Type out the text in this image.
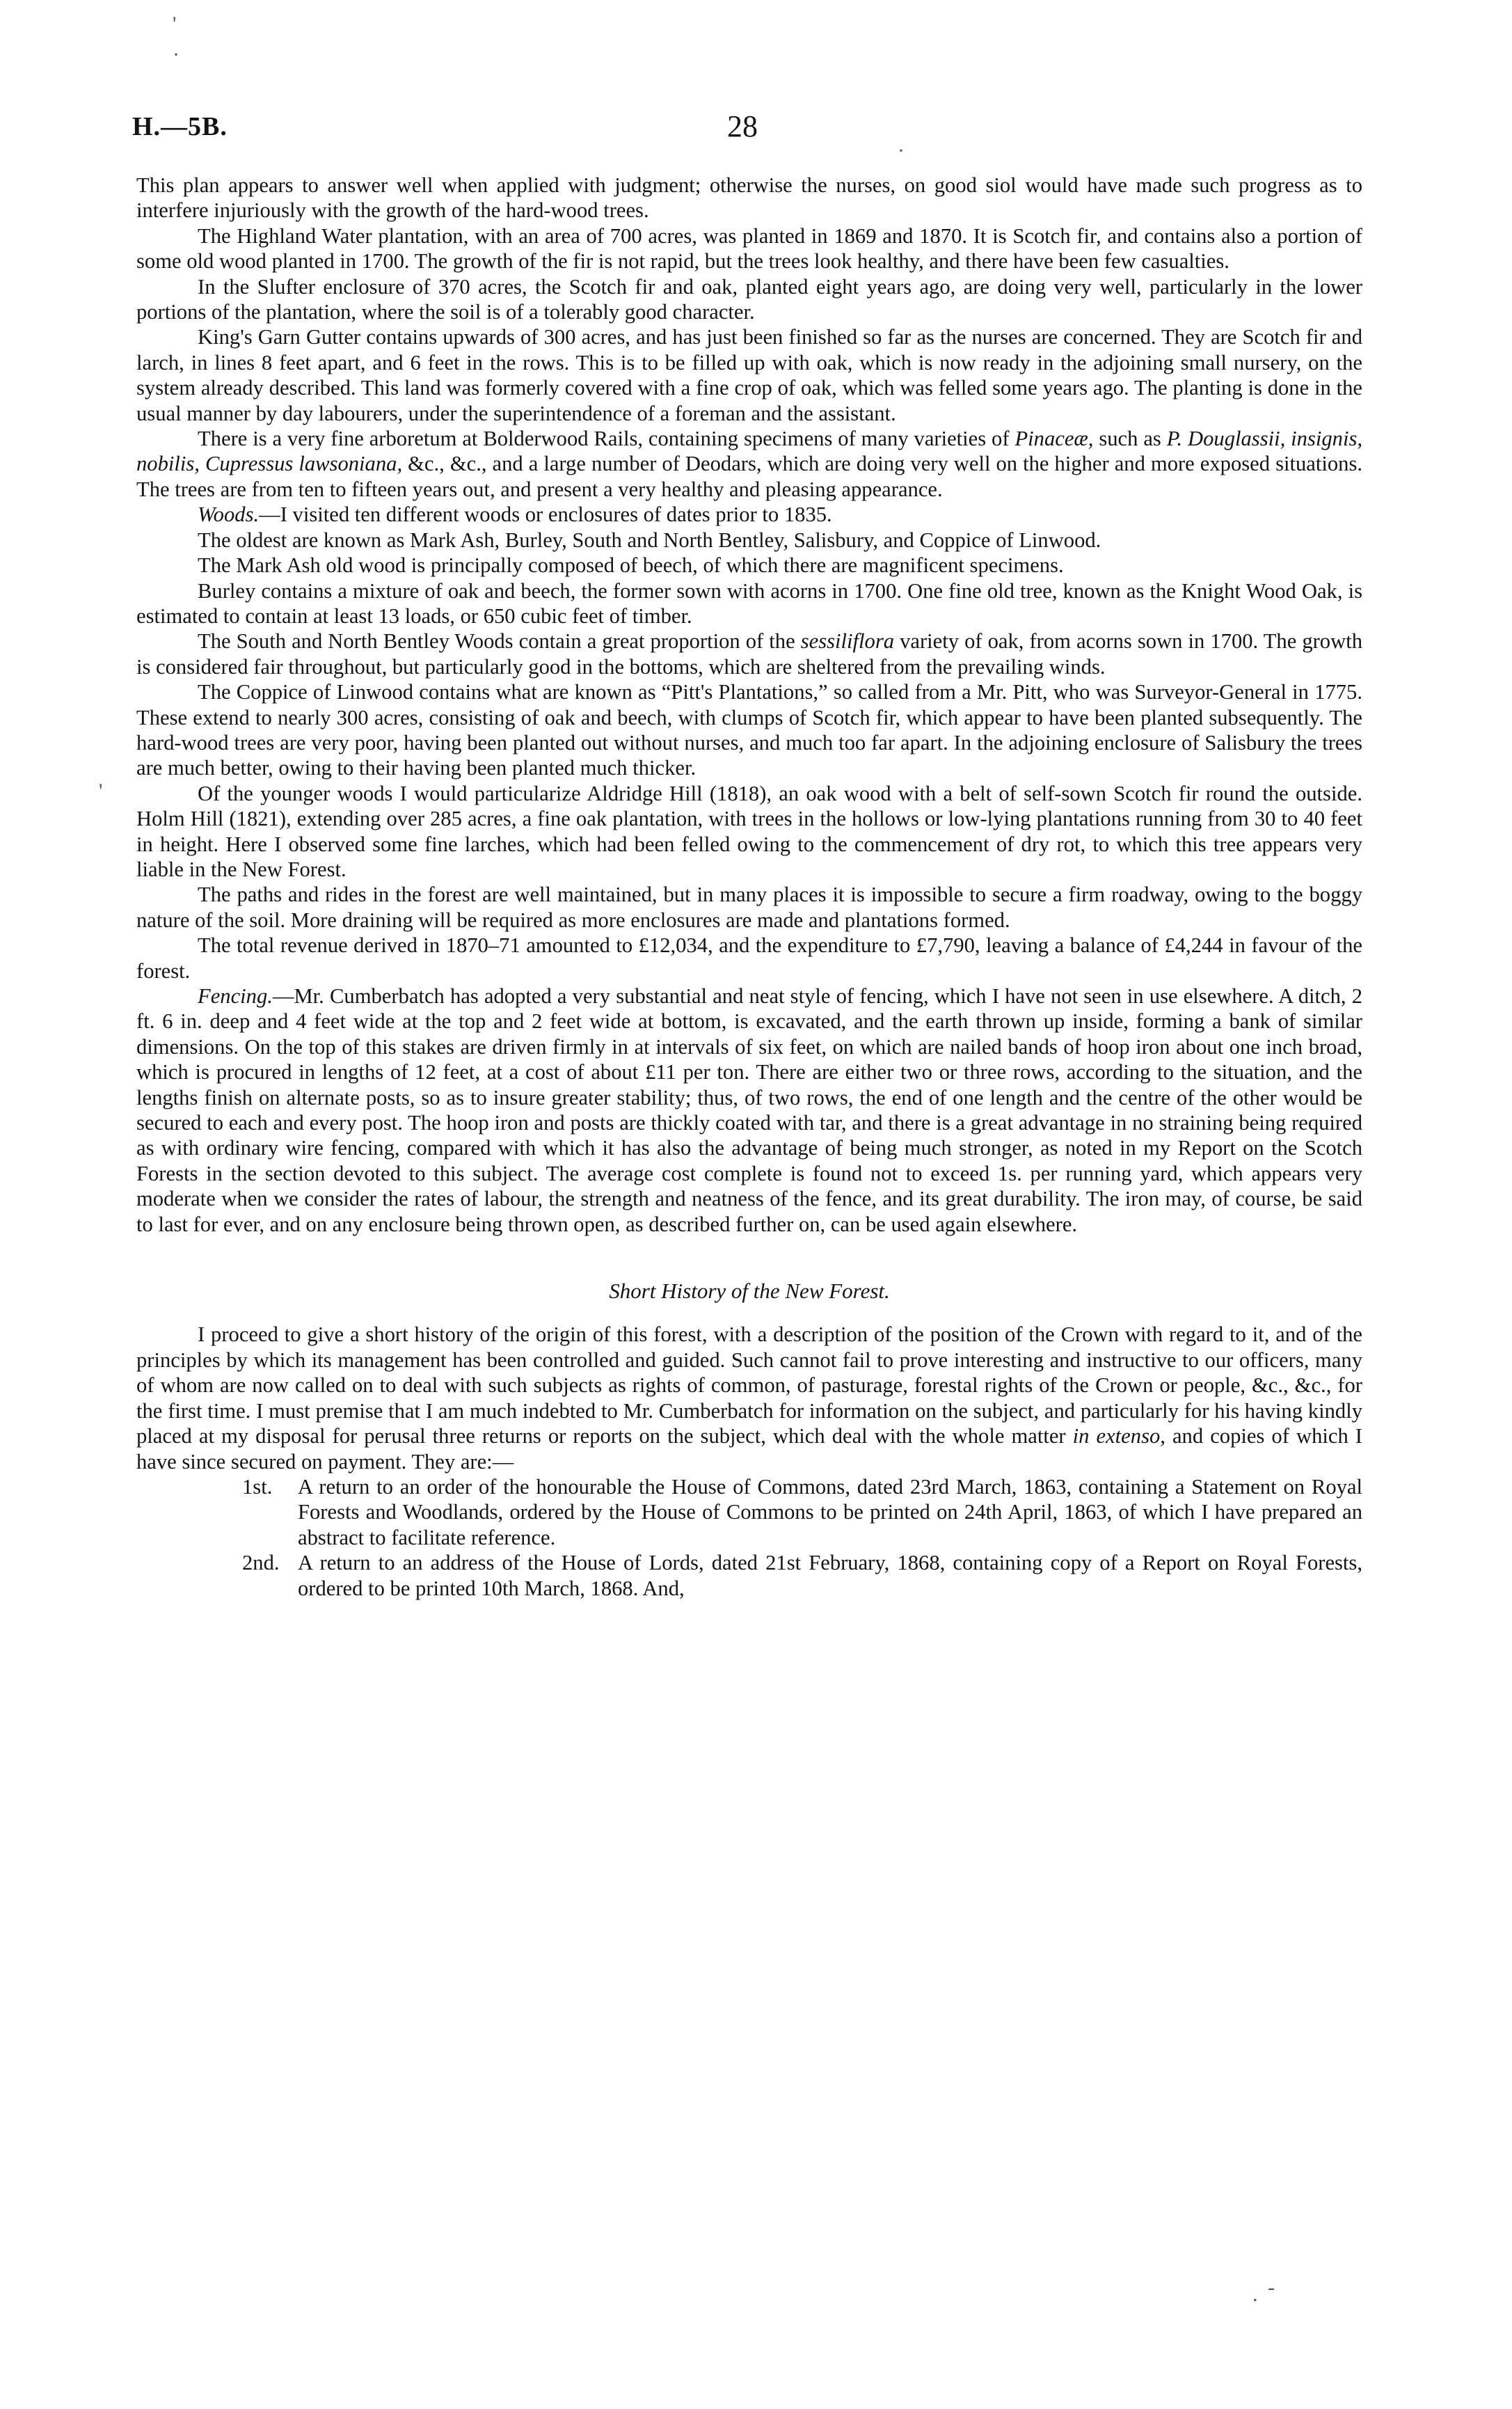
H.—5B.	28
'
·
·
'

This plan appears to answer well when applied with judgment; otherwise the nurses, on good siol would have made such progress as to interfere injuriously with the growth of the hard-wood trees.

The Highland Water plantation, with an area of 700 acres, was planted in 1869 and 1870. It is Scotch fir, and contains also a portion of some old wood planted in 1700. The growth of the fir is not rapid, but the trees look healthy, and there have been few casualties.

In the Slufter enclosure of 370 acres, the Scotch fir and oak, planted eight years ago, are doing very well, particularly in the lower portions of the plantation, where the soil is of a tolerably good character.

King's Garn Gutter contains upwards of 300 acres, and has just been finished so far as the nurses are concerned. They are Scotch fir and larch, in lines 8 feet apart, and 6 feet in the rows. This is to be filled up with oak, which is now ready in the adjoining small nursery, on the system already described. This land was formerly covered with a fine crop of oak, which was felled some years ago. The planting is done in the usual manner by day labourers, under the superintendence of a foreman and the assistant.

There is a very fine arboretum at Bolderwood Rails, containing specimens of many varieties of Pinaceæ, such as P. Douglassii, insignis, nobilis, Cupressus lawsoniana, &c., &c., and a large number of Deodars, which are doing very well on the higher and more exposed situations. The trees are from ten to fifteen years out, and present a very healthy and pleasing appearance.

Woods.—I visited ten different woods or enclosures of dates prior to 1835.

The oldest are known as Mark Ash, Burley, South and North Bentley, Salisbury, and Coppice of Linwood.

The Mark Ash old wood is principally composed of beech, of which there are magnificent specimens.

Burley contains a mixture of oak and beech, the former sown with acorns in 1700. One fine old tree, known as the Knight Wood Oak, is estimated to contain at least 13 loads, or 650 cubic feet of timber.

The South and North Bentley Woods contain a great proportion of the sessiliflora variety of oak, from acorns sown in 1700. The growth is considered fair throughout, but particularly good in the bottoms, which are sheltered from the prevailing winds.

The Coppice of Linwood contains what are known as “Pitt's Plantations,” so called from a Mr. Pitt, who was Surveyor-General in 1775. These extend to nearly 300 acres, consisting of oak and beech, with clumps of Scotch fir, which appear to have been planted subsequently. The hard-wood trees are very poor, having been planted out without nurses, and much too far apart. In the adjoining enclosure of Salisbury the trees are much better, owing to their having been planted much thicker.

Of the younger woods I would particularize Aldridge Hill (1818), an oak wood with a belt of self-sown Scotch fir round the outside. Holm Hill (1821), extending over 285 acres, a fine oak plantation, with trees in the hollows or low-lying plantations running from 30 to 40 feet in height. Here I observed some fine larches, which had been felled owing to the commencement of dry rot, to which this tree appears very liable in the New Forest.

The paths and rides in the forest are well maintained, but in many places it is impossible to secure a firm roadway, owing to the boggy nature of the soil. More draining will be required as more enclosures are made and plantations formed.

The total revenue derived in 1870–71 amounted to £12,034, and the expenditure to £7,790, leaving a balance of £4,244 in favour of the forest.

Fencing.—Mr. Cumberbatch has adopted a very substantial and neat style of fencing, which I have not seen in use elsewhere. A ditch, 2 ft. 6 in. deep and 4 feet wide at the top and 2 feet wide at bottom, is excavated, and the earth thrown up inside, forming a bank of similar dimensions. On the top of this stakes are driven firmly in at intervals of six feet, on which are nailed bands of hoop iron about one inch broad, which is procured in lengths of 12 feet, at a cost of about £11 per ton. There are either two or three rows, according to the situation, and the lengths finish on alternate posts, so as to insure greater stability; thus, of two rows, the end of one length and the centre of the other would be secured to each and every post. The hoop iron and posts are thickly coated with tar, and there is a great advantage in no straining being required as with ordinary wire fencing, compared with which it has also the advantage of being much stronger, as noted in my Report on the Scotch Forests in the section devoted to this subject. The average cost complete is found not to exceed 1s. per running yard, which appears very moderate when we consider the rates of labour, the strength and neatness of the fence, and its great durability. The iron may, of course, be said to last for ever, and on any enclosure being thrown open, as described further on, can be used again elsewhere.

Short History of the New Forest.

I proceed to give a short history of the origin of this forest, with a description of the position of the Crown with regard to it, and of the principles by which its management has been controlled and guided. Such cannot fail to prove interesting and instructive to our officers, many of whom are now called on to deal with such subjects as rights of common, of pasturage, forestal rights of the Crown or people, &c., &c., for the first time. I must premise that I am much indebted to Mr. Cumberbatch for information on the subject, and particularly for his having kindly placed at my disposal for perusal three returns or reports on the subject, which deal with the whole matter in extenso, and copies of which I have since secured on payment. They are:—

1st. A return to an order of the honourable the House of Commons, dated 23rd March, 1863, containing a Statement on Royal Forests and Woodlands, ordered by the House of Commons to be printed on 24th April, 1863, of which I have prepared an abstract to facilitate reference.

2nd. A return to an address of the House of Lords, dated 21st February, 1868, containing copy of a Report on Royal Forests, ordered to be printed 10th March, 1868. And,

. -
